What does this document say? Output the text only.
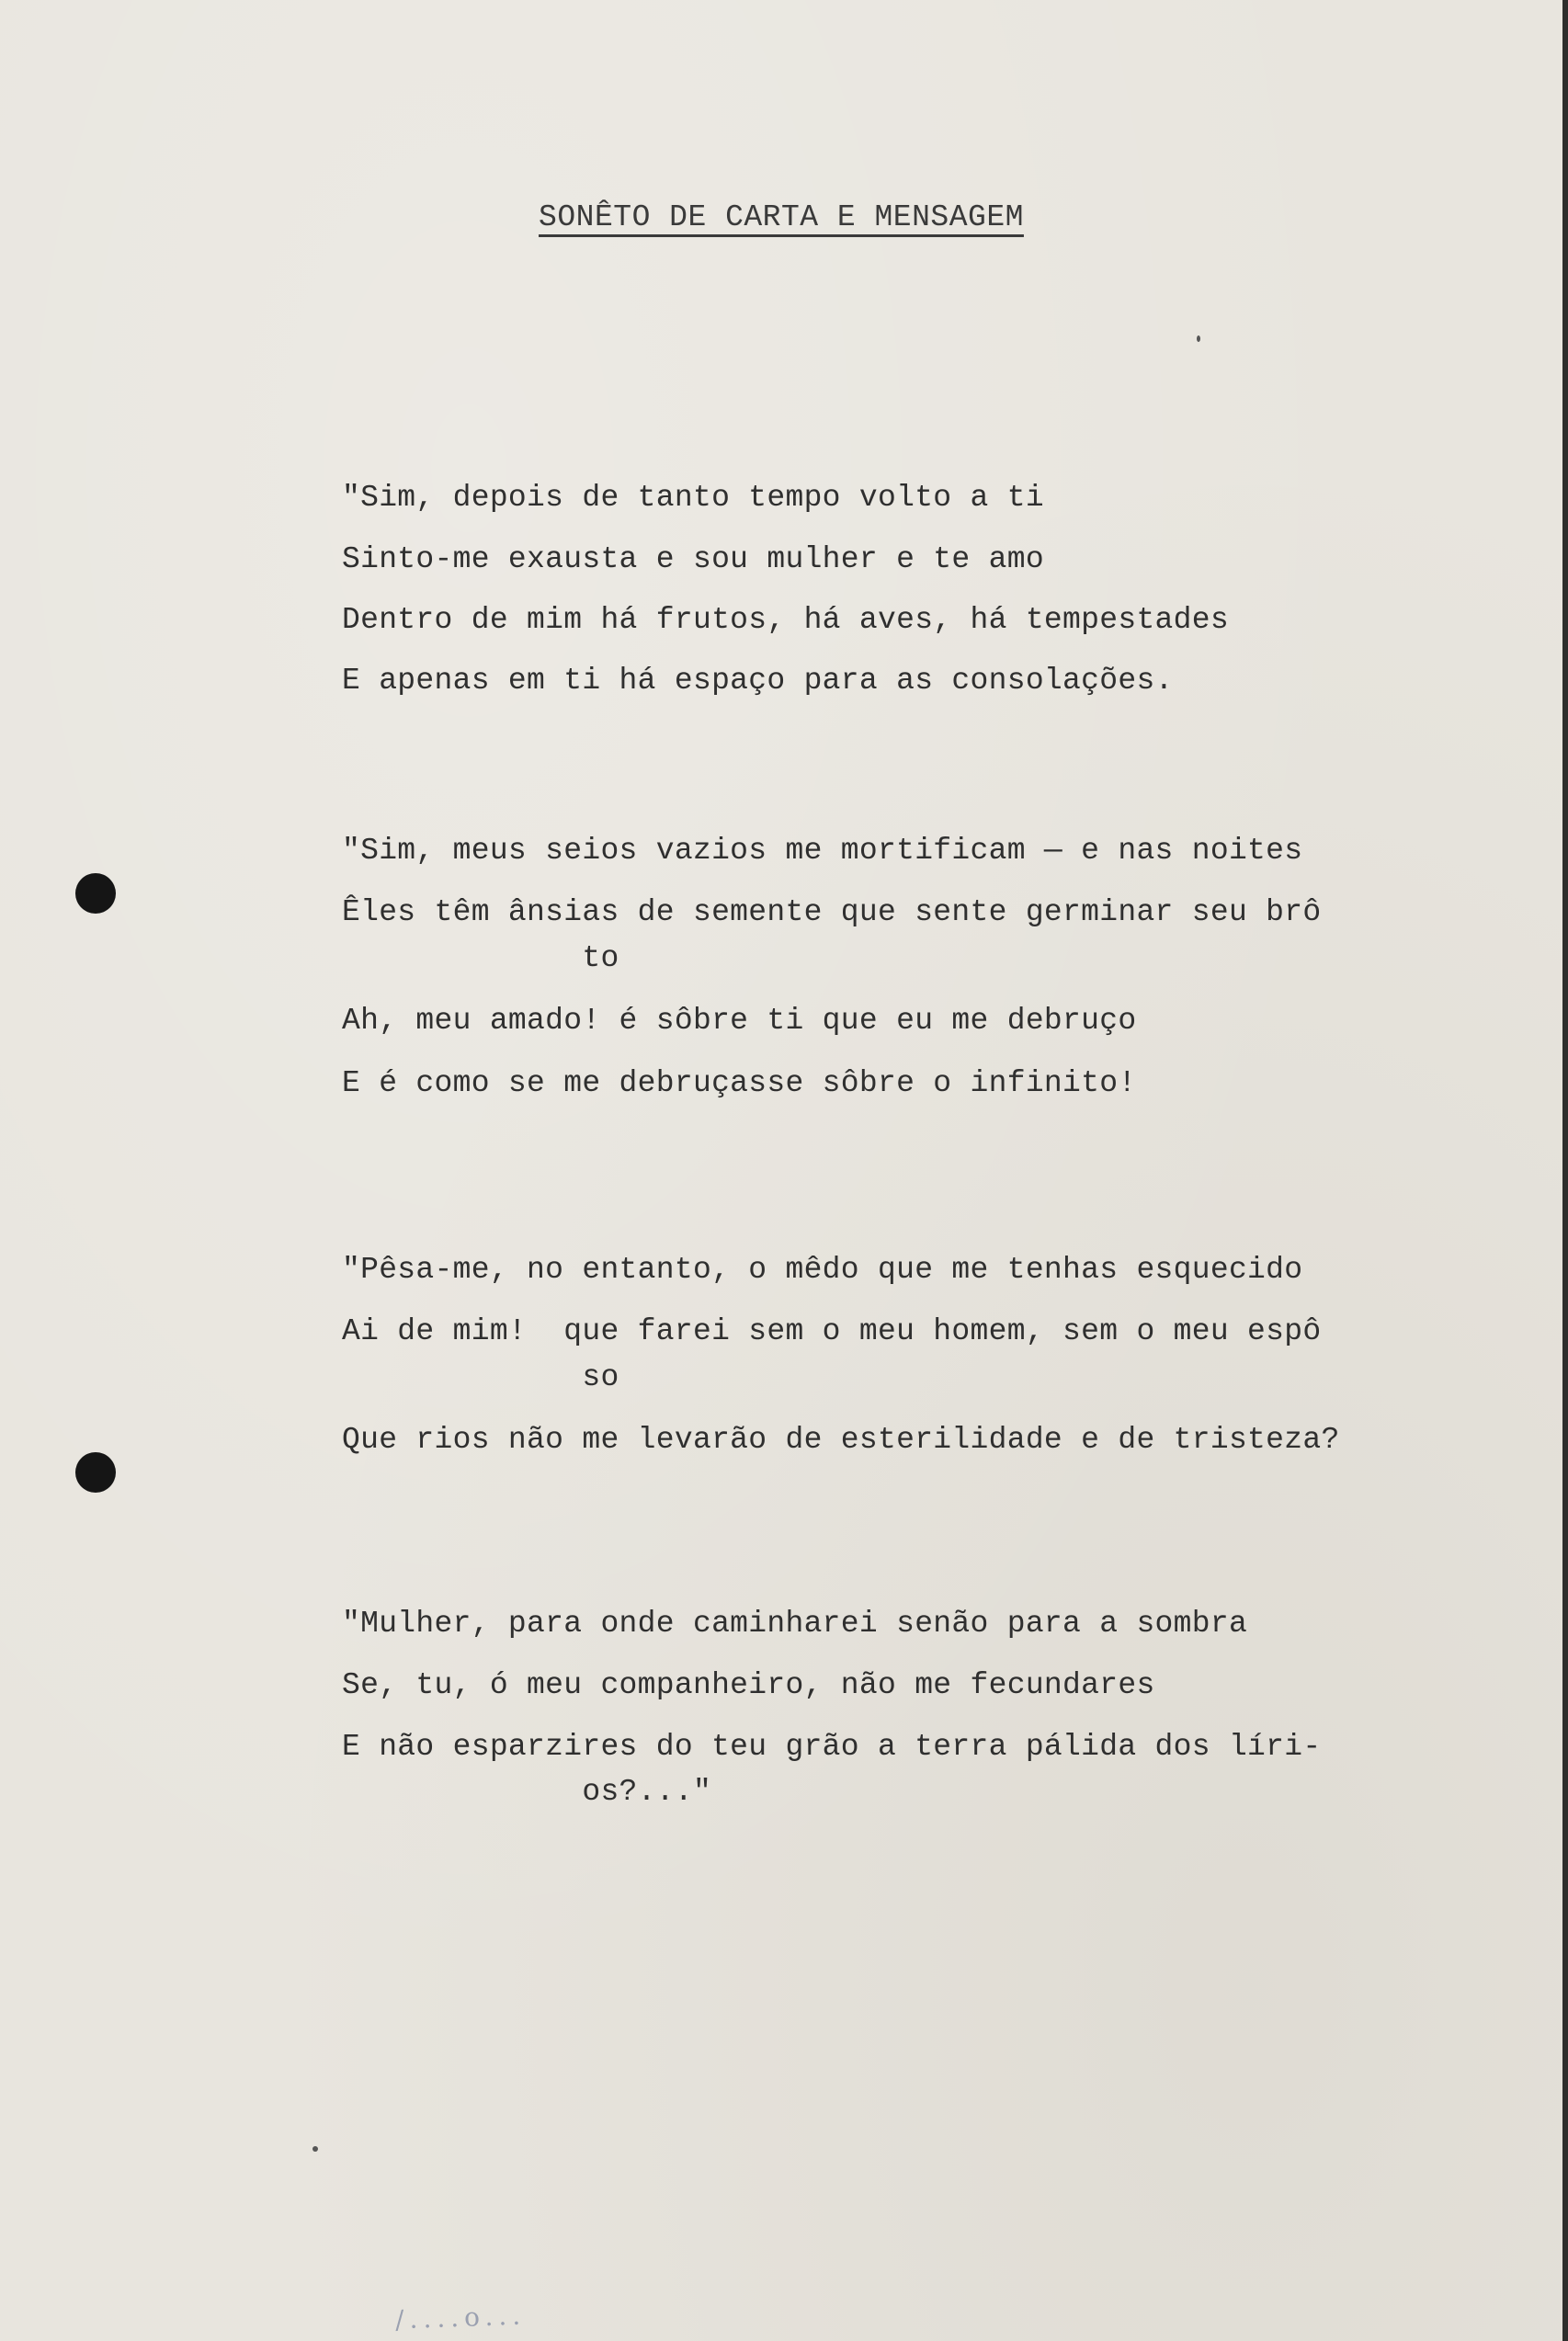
SONÊTO DE CARTA E MENSAGEM
"Sim, depois de tanto tempo volto a ti
Sinto-me exausta e sou mulher e te amo
Dentro de mim há frutos, há aves, há tempestades
E apenas em ti há espaço para as consolações.
"Sim, meus seios vazios me mortificam — e nas noites
Êles têm ânsias de semente que sente germinar seu brô
to
Ah, meu amado! é sôbre ti que eu me debruço
E é como se me debruçasse sôbre o infinito!
"Pêsa-me, no entanto, o mêdo que me tenhas esquecido
Ai de mim!  que farei sem o meu homem, sem o meu espô
so
Que rios não me levarão de esterilidade e de tristeza?
"Mulher, para onde caminharei senão para a sombra
Se, tu, ó meu companheiro, não me fecundares
E não esparzires do teu grão a terra pálida dos líri-
os?..."
/....o...
